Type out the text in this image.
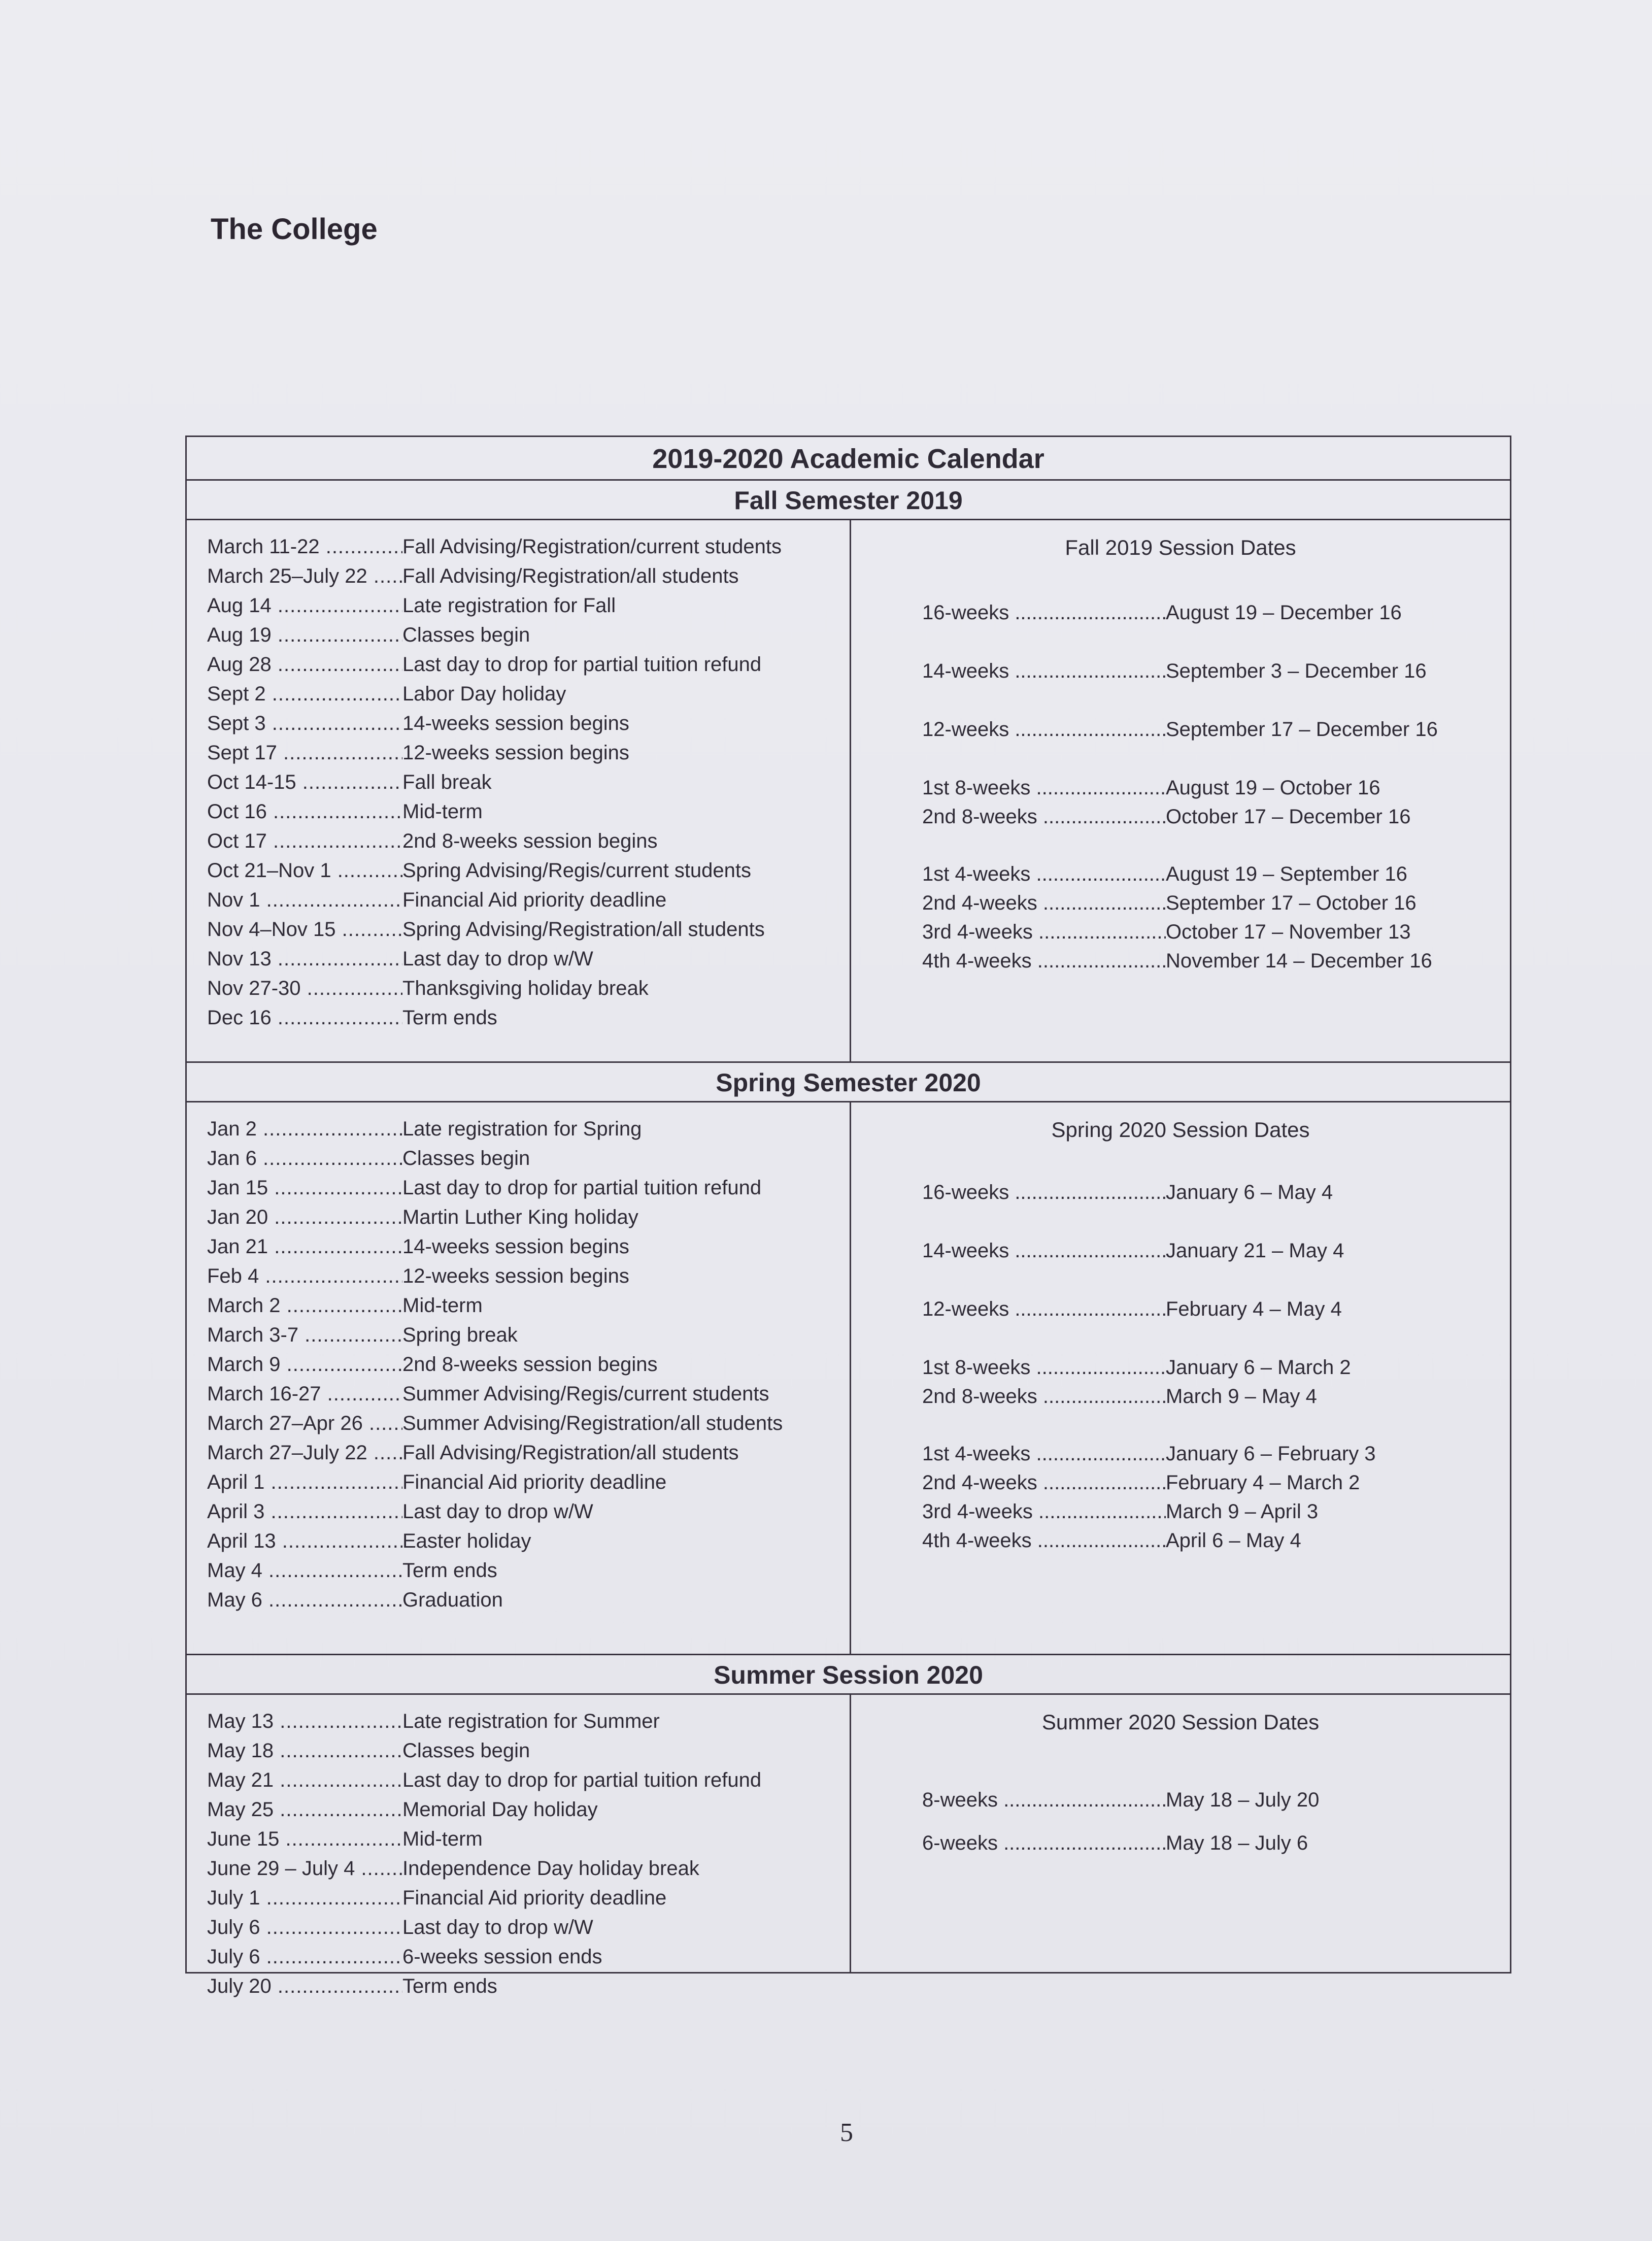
The College
2019-2020 Academic Calendar
Fall Semester 2019
March 11-22 .....	Fall Advising/Registration/current students
March 25–July 22 .....	Fall Advising/Registration/all students
Aug 14 .....	Late registration for Fall
Aug 19 .....	Classes begin
Aug 28 .....	Last day to drop for partial tuition refund
Sept 2 .....	Labor Day holiday
Sept 3 .....	14-weeks session begins
Sept 17 .....	12-weeks session begins
Oct 14-15 .....	Fall break
Oct 16 .....	Mid-term
Oct 17 .....	2nd 8-weeks session begins
Oct 21–Nov 1 .....	Spring Advising/Regis/current students
Nov 1 .....	Financial Aid priority deadline
Nov 4–Nov 15 .....	Spring Advising/Registration/all students
Nov 13 .....	Last day to drop w/W
Nov 27-30 .....	Thanksgiving holiday break
Dec 16 .....	Term ends
Fall 2019 Session Dates
16-weeks .....	August 19 – December 16
14-weeks .....	September 3 – December 16
12-weeks .....	September 17 – December 16
1st 8-weeks .....	August 19 – October 16
2nd 8-weeks .....	October 17 – December 16
1st 4-weeks .....	August 19 – September 16
2nd 4-weeks .....	September 17 – October 16
3rd 4-weeks .....	October 17 – November 13
4th 4-weeks .....	November 14 – December 16
Spring Semester 2020
Jan 2 .....	Late registration for Spring
Jan 6 .....	Classes begin
Jan 15 .....	Last day to drop for partial tuition refund
Jan 20 .....	Martin Luther King holiday
Jan 21 .....	14-weeks session begins
Feb 4 .....	12-weeks session begins
March 2 .....	Mid-term
March 3-7 .....	Spring break
March 9 .....	2nd 8-weeks session begins
March 16-27 .....	Summer Advising/Regis/current students
March 27–Apr 26 .....	Summer Advising/Registration/all students
March 27–July 22 .....	Fall Advising/Registration/all students
April 1 .....	Financial Aid priority deadline
April 3 .....	Last day to drop w/W
April 13 .....	Easter holiday
May 4 .....	Term ends
May 6 .....	Graduation
Spring 2020 Session Dates
16-weeks .....	January 6 – May 4
14-weeks .....	January 21 – May 4
12-weeks .....	February 4 – May 4
1st 8-weeks .....	January 6 – March 2
2nd 8-weeks .....	March 9 – May 4
1st 4-weeks .....	January 6 – February 3
2nd 4-weeks .....	February 4 – March 2
3rd 4-weeks .....	March 9 – April 3
4th 4-weeks .....	April 6 – May 4
Summer Session 2020
May 13 .....	Late registration for Summer
May 18 .....	Classes begin
May 21 .....	Last day to drop for partial tuition refund
May 25 .....	Memorial Day holiday
June 15 .....	Mid-term
June 29 – July 4 .....	Independence Day holiday break
July 1 .....	Financial Aid priority deadline
July 6 .....	Last day to drop w/W
July 6 .....	6-weeks session ends
July 20 .....	Term ends
Summer 2020 Session Dates
8-weeks .....	May 18 – July 20
6-weeks .....	May 18 – July 6
5
